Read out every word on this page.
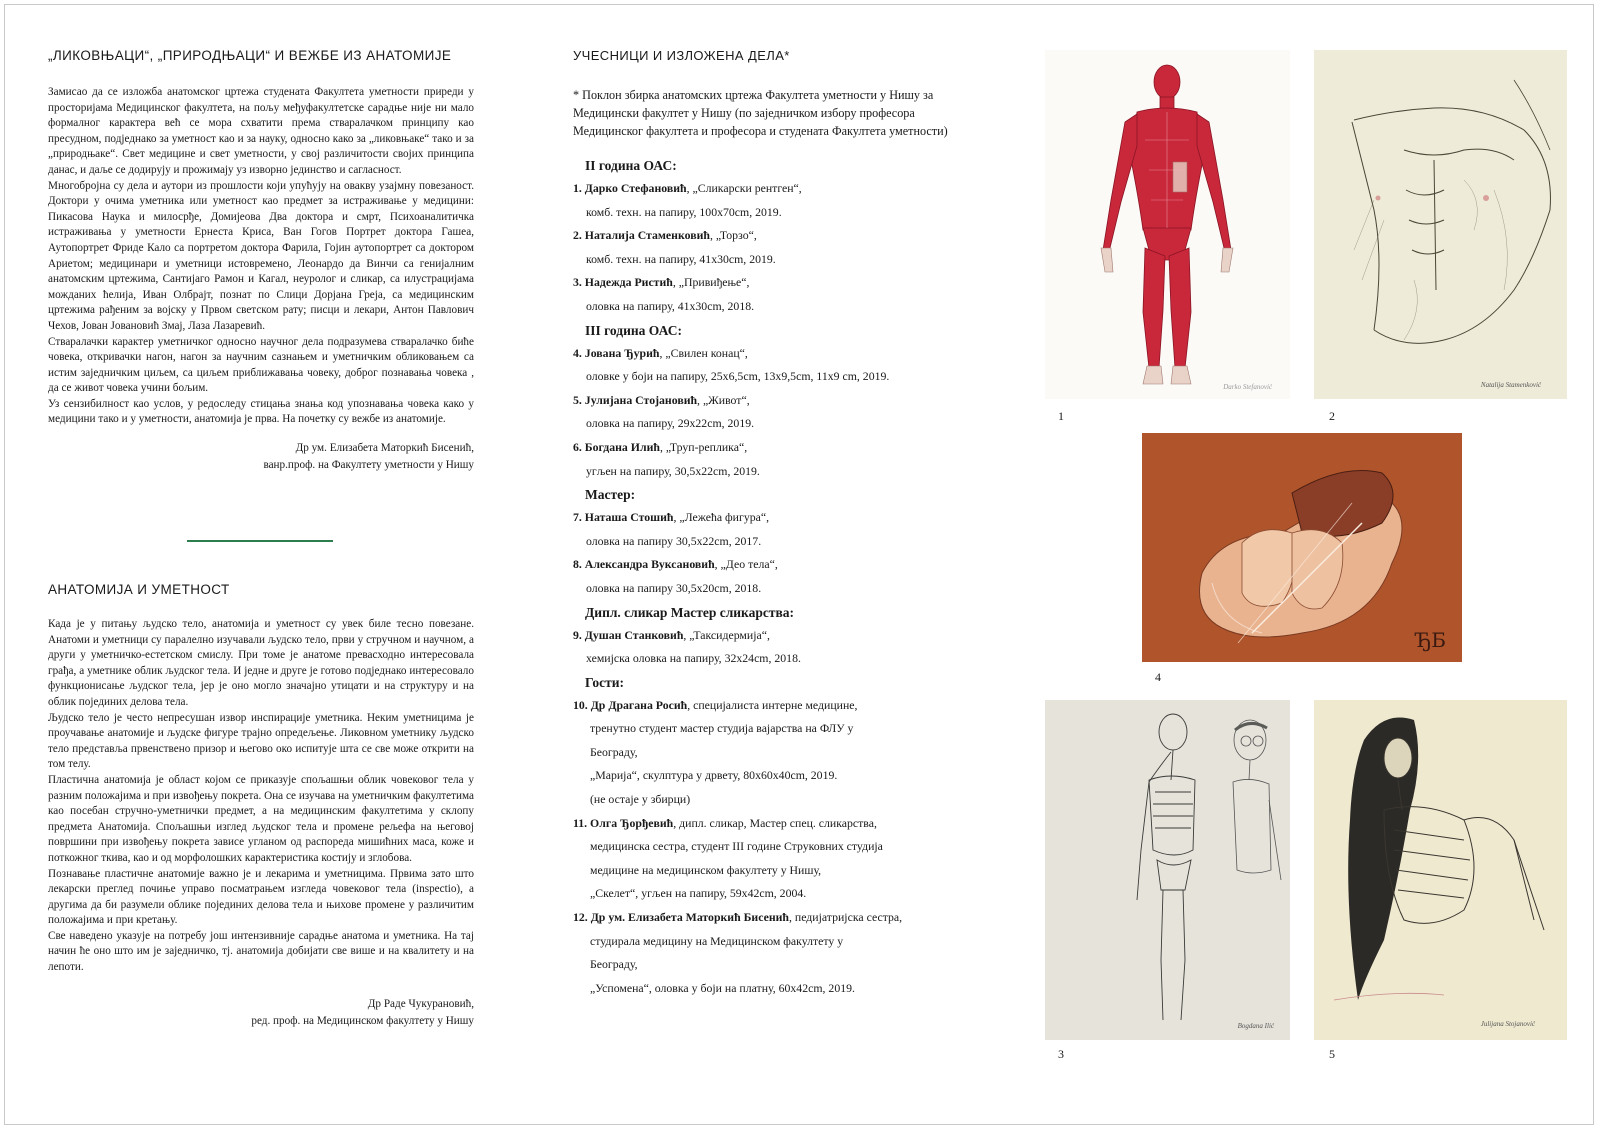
„ЛИКОВЊАЦИ“, „ПРИРОДЊАЦИ“ И ВЕЖБЕ ИЗ АНАТОМИЈЕ

Замисао да се изложба анатомског цртежа студената Факултета уметности приреди у просторијама Медицинског факултета, на пољу међуфакултетске сарадње није ни мало формалног карактера већ се мора схватити према стваралачком принципу као пресудном, подједнако за уметност као и за науку, односно како за „ликовњаке“ тако и за „природњаке“. Свет медицине и свет уметности, у свој различитости својих принципа данас, и даље се додирују и прожимају уз изворно јединство и сагласност.

Многобројна су дела и аутори из прошлости који упућују на овакву узајмну повезаност. Доктори у очима уметника или уметност као предмет за истраживање у медицини: Пикасова Наука и милосрђе, Домијеова Два доктора и смрт, Психоаналитичка истраживања у уметности Ернеста Криса, Ван Гогов Портрет доктора Гашеа, Аутопортрет Фриде Кало са портретом доктора Фарила, Гојин аутопортрет са доктором Ариетом; медицинари и уметници истовремено, Леонардо да Винчи са генијалним анатомским цртежима, Сантијаго Рамон и Кагал, неуролог и сликар, са илустрацијама мождaних ћелија, Иван Олбрајт, познат по Слици Дорјана Греја, са медицинским цртежима рађеним за војску у Првом светском рату; писци и лекари, Антон Павлович Чехов, Јован Јовановић Змај, Лаза Лазаревић.

Стваралачки карактер уметничког односно научног дела подразумева стваралачко биће човека, откривачки нагон, нагон за научним сазнањем и уметничким обликовањем са истим заједничким циљем, са циљем приближавања човеку, доброг познавања човека , да се живот човека учини бољим.

Уз сензибилност као услов, у редоследу стицања знања код упознавања човека како у медицини тако и у уметности, анатомија је прва. На почетку су вежбе из анатомије.

Др ум. Елизабета Маторкић Бисенић,
ванр.проф. на Факултету уметности у Нишу
АНАТОМИЈА И УМЕТНОСТ

Када је у питању људско тело, анатомија и уметност су увек биле тесно повезане. Анатоми и уметници су паралелно изучавали људско тело, први у стручном и научном, а други у уметничко-естетском смислу. При томе је анатоме превасходно интересовала грађа, а уметнике облик људског тела. И једне и друге је готово подједнако интересовало функционисање људског тела, јер је оно могло значајно утицати и на структуру и на облик појединих делова тела.

Људско тело је често непресушан извор инспирације уметника. Неким уметницима је проучавање анатомије и људске фигуре трајно опредељење. Ликовном уметнику људско тело представља првенствено призор и његово око испитује шта се све може открити на том телу.

Пластична анатомија је област којом се приказује спољашњи облик човековог тела у разним положајима и при извођењу покрета. Она се изучава на уметничким факултетима као посебан стручно-уметнички предмет, а на медицинским факултетима у склопу предмета Анатомија. Спољашњи изглед људског тела и промене рељефа на његовој површини при извођењу покрета зависе угланом од распореда мишићних маса, коже и поткожног ткива, као и од морфолошких карактеристика костију и зглобова.

Познавање пластичне анатомије важно је и лекарима и уметницима. Првима зато што лекарски преглед почиње управо посматрањем изгледа човековог тела (inspectio), а другима да би разумели облике појединих делова тела и њихове промене у различитим положајима и при кретању.

Све наведено указује на потребу још интензивније сарадње анатома и уметника. На тај начин ће оно што им је заједничко, тј. анатомија добијати све више и на квалитету и на лепоти.

Др Раде Чукурановић,
ред. проф. на Медицинском факултету у Нишу
УЧЕСНИЦИ И ИЗЛОЖЕНА ДЕЛА*
* Поклон збирка анатомских цртежа Факултета уметности у Нишу за
Медицински факултет у Нишу (по заједничком избору професора
Медицинског факултета и професора и студената Факултета уметности)
II година ОАС:
1. Дарко Стефановић, „Сликарски рентген“,
комб. техн. на папиру, 100x70cm, 2019.
2. Наталија Стаменковић, „Торзо“,
комб. техн. на папиру, 41x30cm, 2019.
3. Надежда Ристић, „Привиђење“,
оловка на папиру, 41x30cm, 2018.
III година ОАС:
4. Јована Ђурић, „Свилен конац“,
оловке у боји на папиру, 25x6,5cm, 13x9,5cm, 11x9 cm, 2019.
5. Јулијана Стојановић, „Живот“,
оловка на папиру, 29x22cm, 2019.
6. Богдана Илић, „Труп-реплика“,
угљен на папиру, 30,5x22cm, 2019.
Мастер:
7. Наташа Стошић, „Лежећа фигура“,
оловка на папиру 30,5x22cm, 2017.
8. Александра Вуксановић, „Део тела“,
оловка на папиру 30,5x20cm, 2018.
Дипл. сликар Мастер сликарства:
9. Душан Станковић, „Таксидермија“,
хемијска оловка на папиру, 32x24cm, 2018.
Гости:
10. Др Драгана Росић, специјалиста интерне медицине,
тренутно студент мастер студија вајарства на ФЛУ у
Београду,
„Марија“, скулптура у дрвету, 80x60x40cm, 2019.
(не остаје у збирци)
11. Олга Ђорђевић, дипл. сликар, Мастер спец. сликарства,
медицинска сестра, студент III године Струковних студија
медицине на медицинском факултету у Нишу,
„Скелет“, угљен на папиру, 59x42cm, 2004.
12. Др ум. Елизабета Маторкић Бисенић, педијатријска сестра,
студирала медицину на Медицинском факултету у
Београду,
„Успомена“, оловка у боји на платну, 60x42cm, 2019.
Darko Stefanović
1
Natalija Stamenković
2
ЂБ
4
Bogdana Ilić
3
Julijana Stojanović
5
